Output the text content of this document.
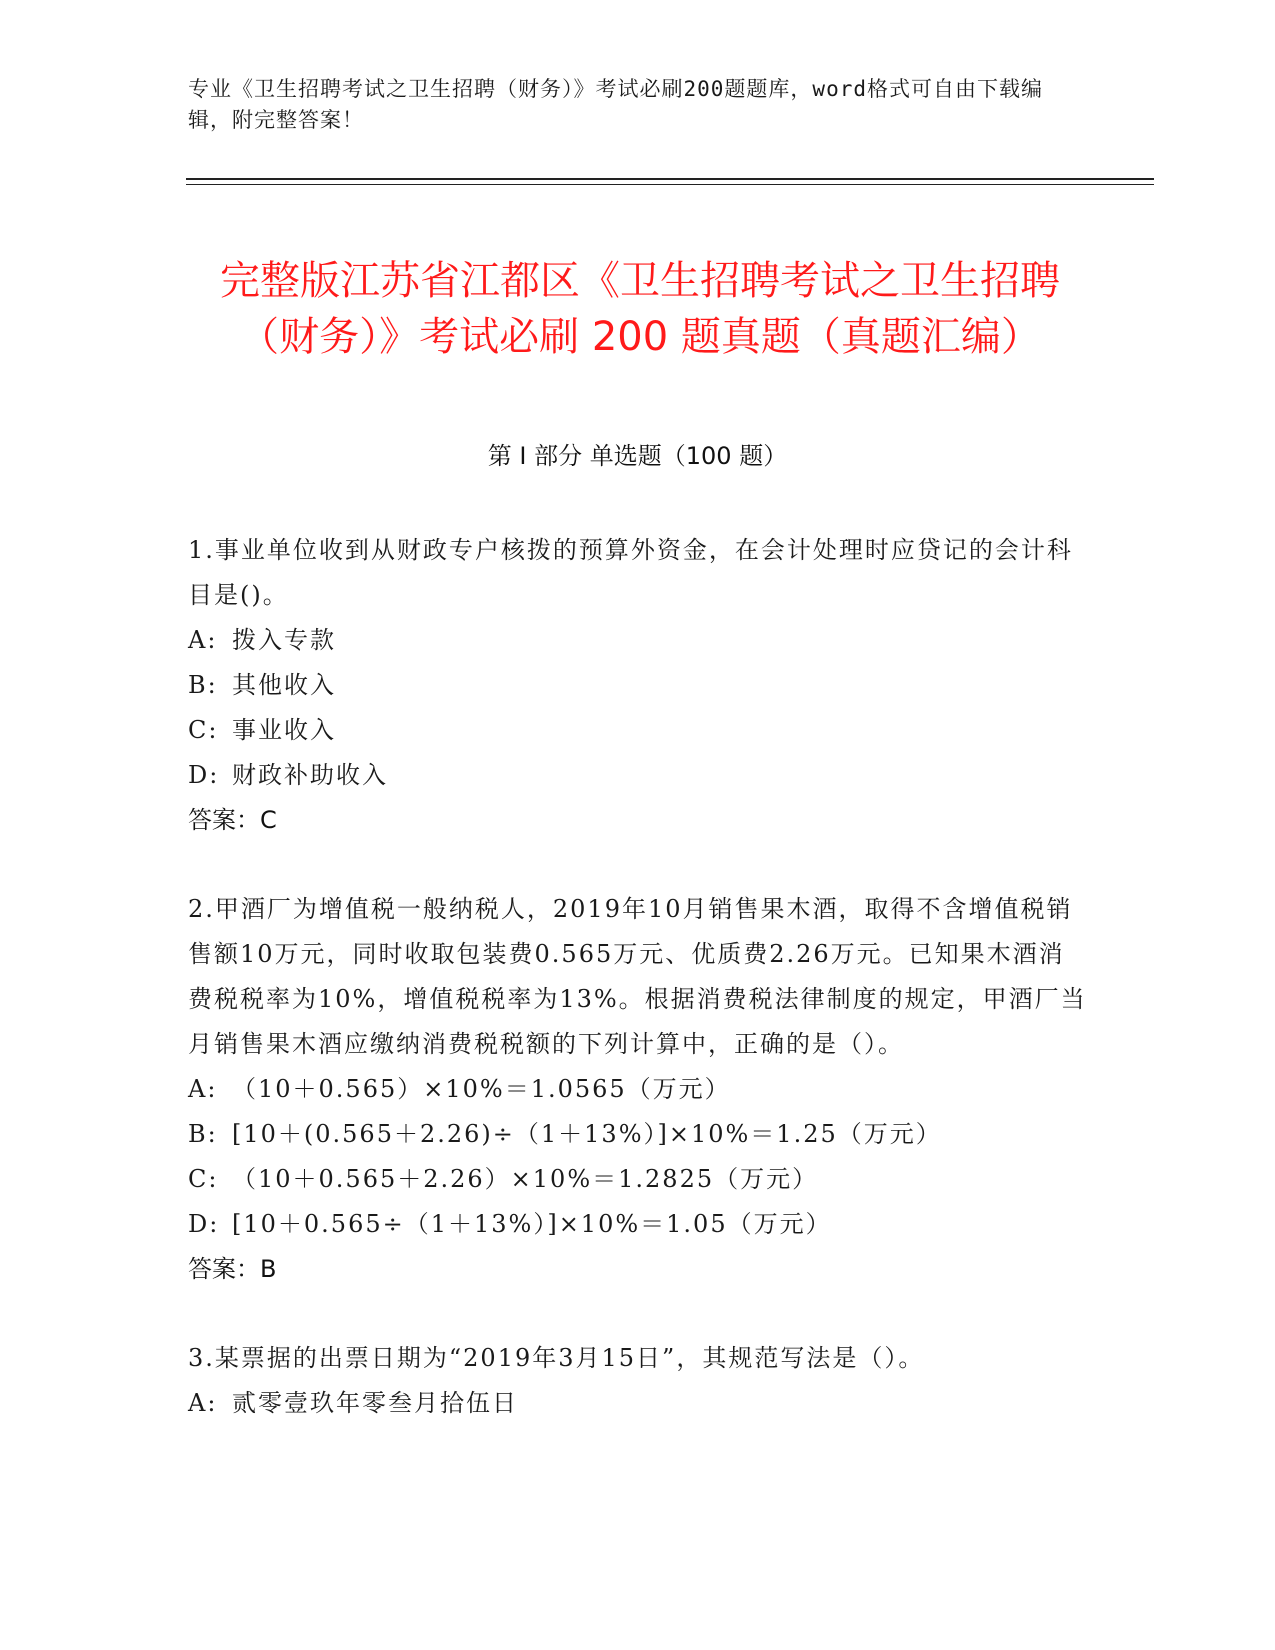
专业《卫生招聘考试之卫生招聘（财务）》考试必刷200题题库，word格式可自由下载编辑，附完整答案！
完整版江苏省江都区《卫生招聘考试之卫生招聘（财务）》考试必刷 200 题真题（真题汇编）
第 I 部分 单选题（100 题）
1.事业单位收到从财政专户核拨的预算外资金，在会计处理时应贷记的会计科目是()。
A: 拨入专款
B: 其他收入
C: 事业收入
D: 财政补助收入
答案：C
2.甲酒厂为增值税一般纳税人，2019年10月销售果木酒，取得不含增值税销售额10万元，同时收取包装费0.565万元、优质费2.26万元。已知果木酒消费税税率为10%，增值税税率为13%。根据消费税法律制度的规定，甲酒厂当月销售果木酒应缴纳消费税税额的下列计算中，正确的是（）。
A: （10＋0.565）×10%＝1.0565（万元）
B: [10＋(0.565＋2.26)÷（1＋13%）]×10%＝1.25（万元）
C: （10＋0.565＋2.26）×10%＝1.2825（万元）
D: [10＋0.565÷（1＋13%）]×10%＝1.05（万元）
答案：B
3.某票据的出票日期为“2019年3月15日”，其规范写法是（）。
A: 贰零壹玖年零叁月拾伍日
